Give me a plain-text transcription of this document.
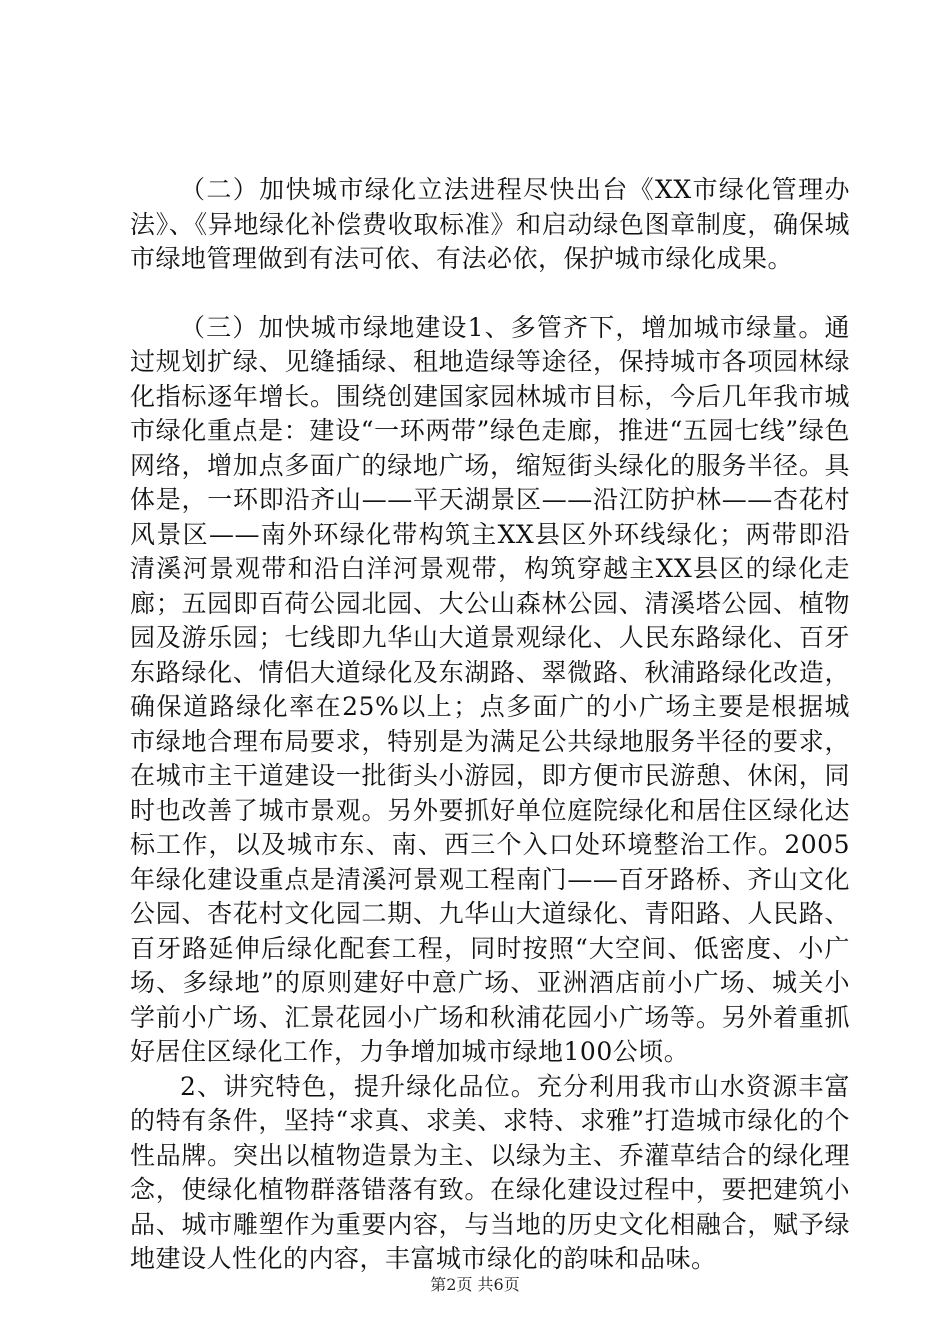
（二）加快城市绿化立法进程尽快出台《XX市绿化管理办法》、《异地绿化补偿费收取标准》和启动绿色图章制度，确保城市绿地管理做到有法可依、有法必依，保护城市绿化成果。

（三）加快城市绿地建设1、多管齐下，增加城市绿量。通过规划扩绿、见缝插绿、租地造绿等途径，保持城市各项园林绿化指标逐年增长。围绕创建国家园林城市目标，今后几年我市城市绿化重点是：建设“一环两带”绿色走廊，推进“五园七线”绿色网络，增加点多面广的绿地广场，缩短街头绿化的服务半径。具体是，一环即沿齐山——平天湖景区——沿江防护林——杏花村风景区——南外环绿化带构筑主XX县区外环线绿化；两带即沿清溪河景观带和沿白洋河景观带，构筑穿越主XX县区的绿化走廊；五园即百荷公园北园、大公山森林公园、清溪塔公园、植物园及游乐园；七线即九华山大道景观绿化、人民东路绿化、百牙东路绿化、情侣大道绿化及东湖路、翠微路、秋浦路绿化改造，确保道路绿化率在25%以上；点多面广的小广场主要是根据城市绿地合理布局要求，特别是为满足公共绿地服务半径的要求，在城市主干道建设一批街头小游园，即方便市民游憩、休闲，同时也改善了城市景观。另外要抓好单位庭院绿化和居住区绿化达标工作，以及城市东、南、西三个入口处环境整治工作。2005年绿化建设重点是清溪河景观工程南门——百牙路桥、齐山文化公园、杏花村文化园二期、九华山大道绿化、青阳路、人民路、百牙路延伸后绿化配套工程，同时按照“大空间、低密度、小广场、多绿地”的原则建好中意广场、亚洲酒店前小广场、城关小学前小广场、汇景花园小广场和秋浦花园小广场等。另外着重抓好居住区绿化工作，力争增加城市绿地100公顷。

2、讲究特色，提升绿化品位。充分利用我市山水资源丰富的特有条件，坚持“求真、求美、求特、求雅”打造城市绿化的个性品牌。突出以植物造景为主、以绿为主、乔灌草结合的绿化理念，使绿化植物群落错落有致。在绿化建设过程中，要把建筑小品、城市雕塑作为重要内容，与当地的历史文化相融合，赋予绿地建设人性化的内容，丰富城市绿化的韵味和品味。

第2页 共6页
